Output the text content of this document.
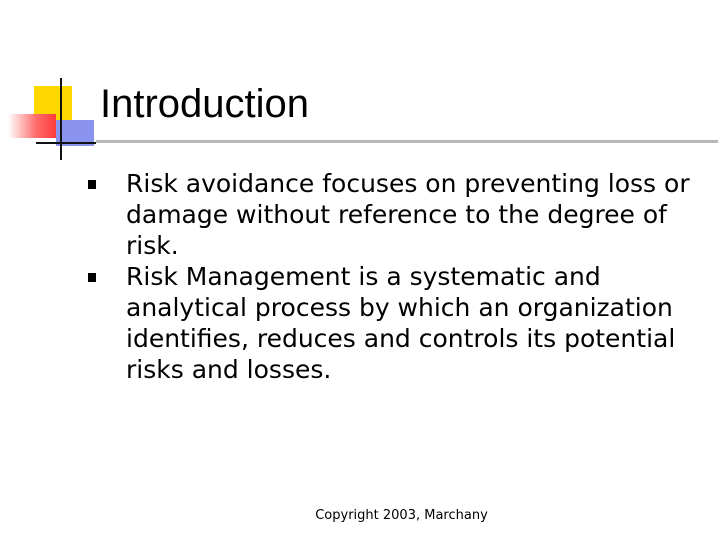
Introduction
Risk avoidance focuses on preventing loss or damage without reference to the degree of risk.
Risk Management is a systematic and analytical process by which an organization identifies, reduces and controls its potential risks and losses.
Copyright 2003, Marchany
